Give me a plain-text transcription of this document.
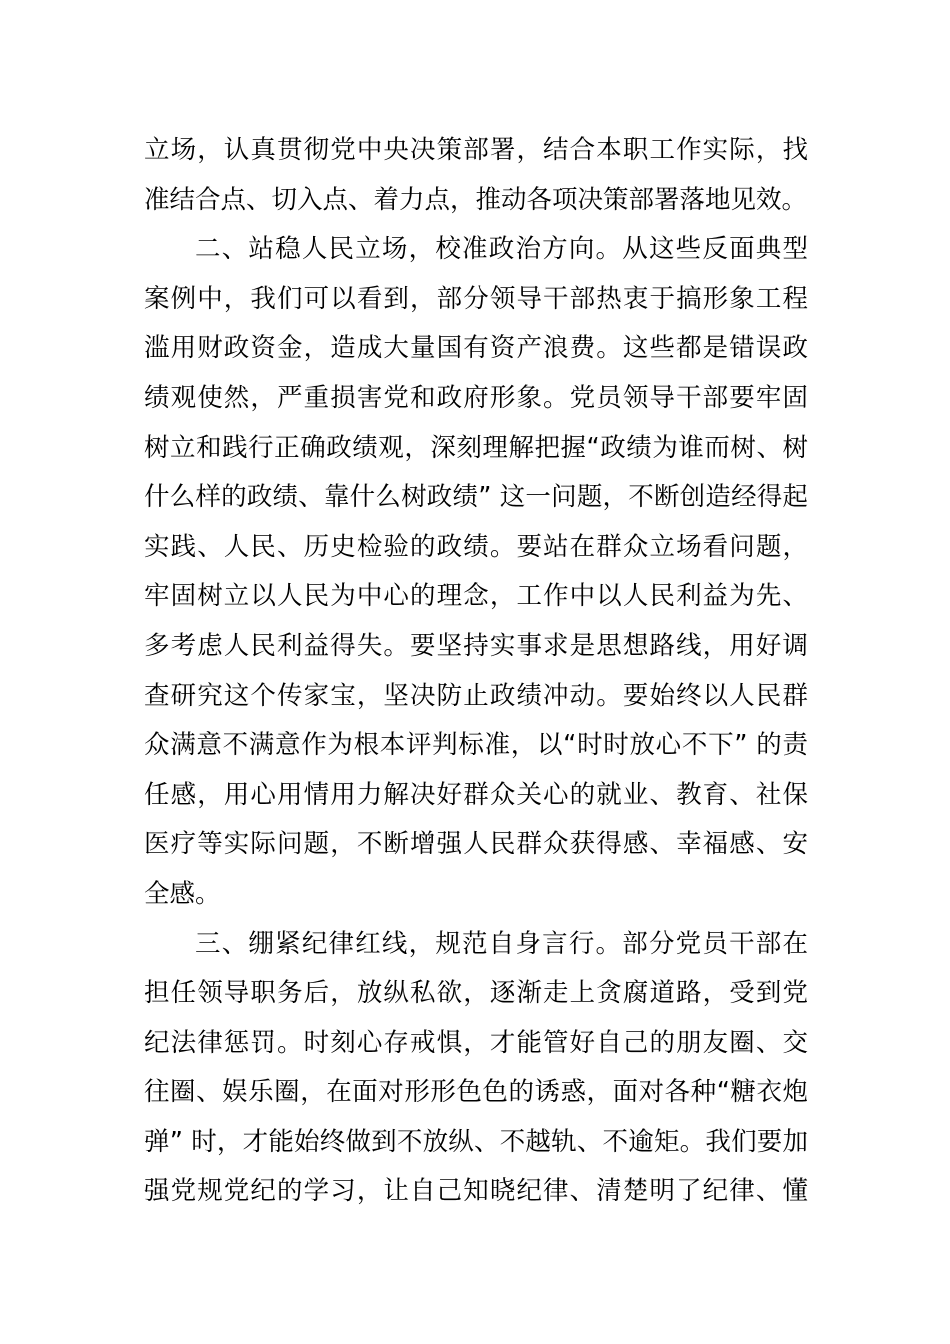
立场，认真贯彻党中央决策部署，结合本职工作实际，找
准结合点、切入点、着力点，推动各项决策部署落地见效。
二、站稳人民立场，校准政治方向。从这些反面典型
案例中，我们可以看到，部分领导干部热衷于搞形象工程
滥用财政资金，造成大量国有资产浪费。这些都是错误政
绩观使然，严重损害党和政府形象。党员领导干部要牢固
树立和践行正确政绩观，深刻理解把握“政绩为谁而树、树
什么样的政绩、靠什么树政绩” 这一问题，不断创造经得起
实践、人民、历史检验的政绩。要站在群众立场看问题，
牢固树立以人民为中心的理念，工作中以人民利益为先、
多考虑人民利益得失。要坚持实事求是思想路线，用好调
查研究这个传家宝，坚决防止政绩冲动。要始终以人民群
众满意不满意作为根本评判标准，以“时时放心不下” 的责
任感，用心用情用力解决好群众关心的就业、教育、社保
医疗等实际问题，不断增强人民群众获得感、幸福感、安
全感。
三、绷紧纪律红线，规范自身言行。部分党员干部在
担任领导职务后，放纵私欲，逐渐走上贪腐道路，受到党
纪法律惩罚。时刻心存戒惧，才能管好自己的朋友圈、交
往圈、娱乐圈，在面对形形色色的诱惑，面对各种“糖衣炮
弹” 时，才能始终做到不放纵、不越轨、不逾矩。我们要加
强党规党纪的学习，让自己知晓纪律、清楚明了纪律、懂
